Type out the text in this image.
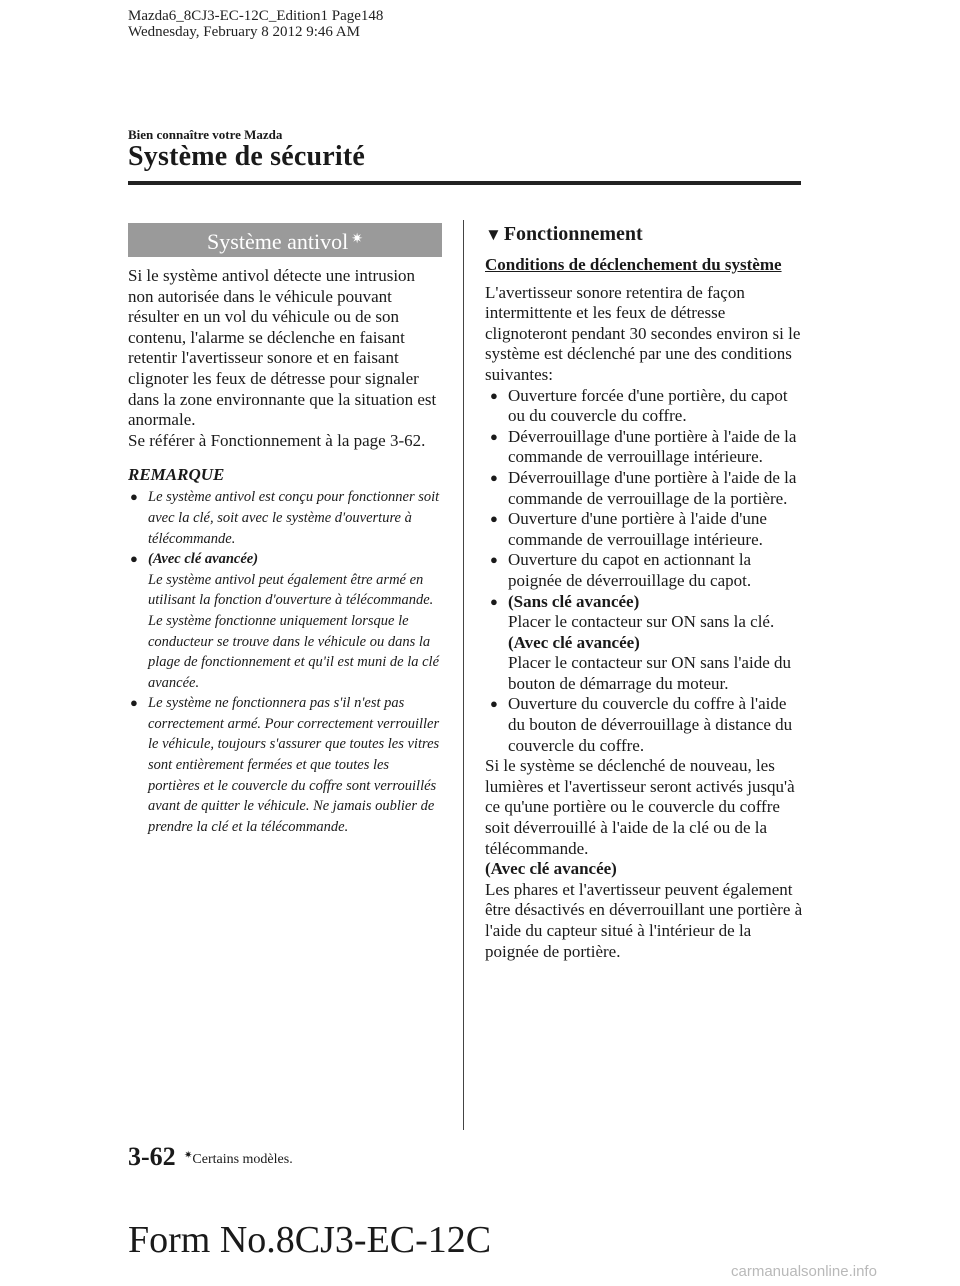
Mazda6_8CJ3-EC-12C_Edition1 Page148
Wednesday, February 8 2012 9:46 AM
Bien connaître votre Mazda
Système de sécurité
Système antivol ✷

Si le système antivol détecte une intrusion non autorisée dans le véhicule pouvant résulter en un vol du véhicule ou de son contenu, l'alarme se déclenche en faisant retentir l'avertisseur sonore et en faisant clignoter les feux de détresse pour signaler dans la zone environnante que la situation est anormale.

Se référer à Fonctionnement à la page 3-62.

REMARQUE
● Le système antivol est conçu pour fonctionner soit avec la clé, soit avec le système d'ouverture à télécommande.
● (Avec clé avancée)
Le système antivol peut également être armé en utilisant la fonction d'ouverture à télécommande. Le système fonctionne uniquement lorsque le conducteur se trouve dans le véhicule ou dans la plage de fonctionnement et qu'il est muni de la clé avancée.
● Le système ne fonctionnera pas s'il n'est pas correctement armé. Pour correctement verrouiller le véhicule, toujours s'assurer que toutes les vitres sont entièrement fermées et que toutes les portières et le couvercle du coffre sont verrouillés avant de quitter le véhicule. Ne jamais oublier de prendre la clé et la télécommande.
▼ Fonctionnement
Conditions de déclenchement du système

L'avertisseur sonore retentira de façon intermittente et les feux de détresse clignoteront pendant 30 secondes environ si le système est déclenché par une des conditions suivantes:

● Ouverture forcée d'une portière, du capot ou du couvercle du coffre.
● Déverrouillage d'une portière à l'aide de la commande de verrouillage intérieure.
● Déverrouillage d'une portière à l'aide de la commande de verrouillage de la portière.
● Ouverture d'une portière à l'aide d'une commande de verrouillage intérieure.
● Ouverture du capot en actionnant la poignée de déverrouillage du capot.
● (Sans clé avancée)
Placer le contacteur sur ON sans la clé.
(Avec clé avancée)
Placer le contacteur sur ON sans l'aide du bouton de démarrage du moteur.
● Ouverture du couvercle du coffre à l'aide du bouton de déverrouillage à distance du couvercle du coffre.

Si le système se déclenché de nouveau, les lumières et l'avertisseur seront activés jusqu'à ce qu'une portière ou le couvercle du coffre soit déverrouillé à l'aide de la clé ou de la télécommande.

(Avec clé avancée)

Les phares et l'avertisseur peuvent également être désactivés en déverrouillant une portière à l'aide du capteur situé à l'intérieur de la poignée de portière.

3-62 ✷Certains modèles.
Form No.8CJ3-EC-12C
carmanualsonline.info
